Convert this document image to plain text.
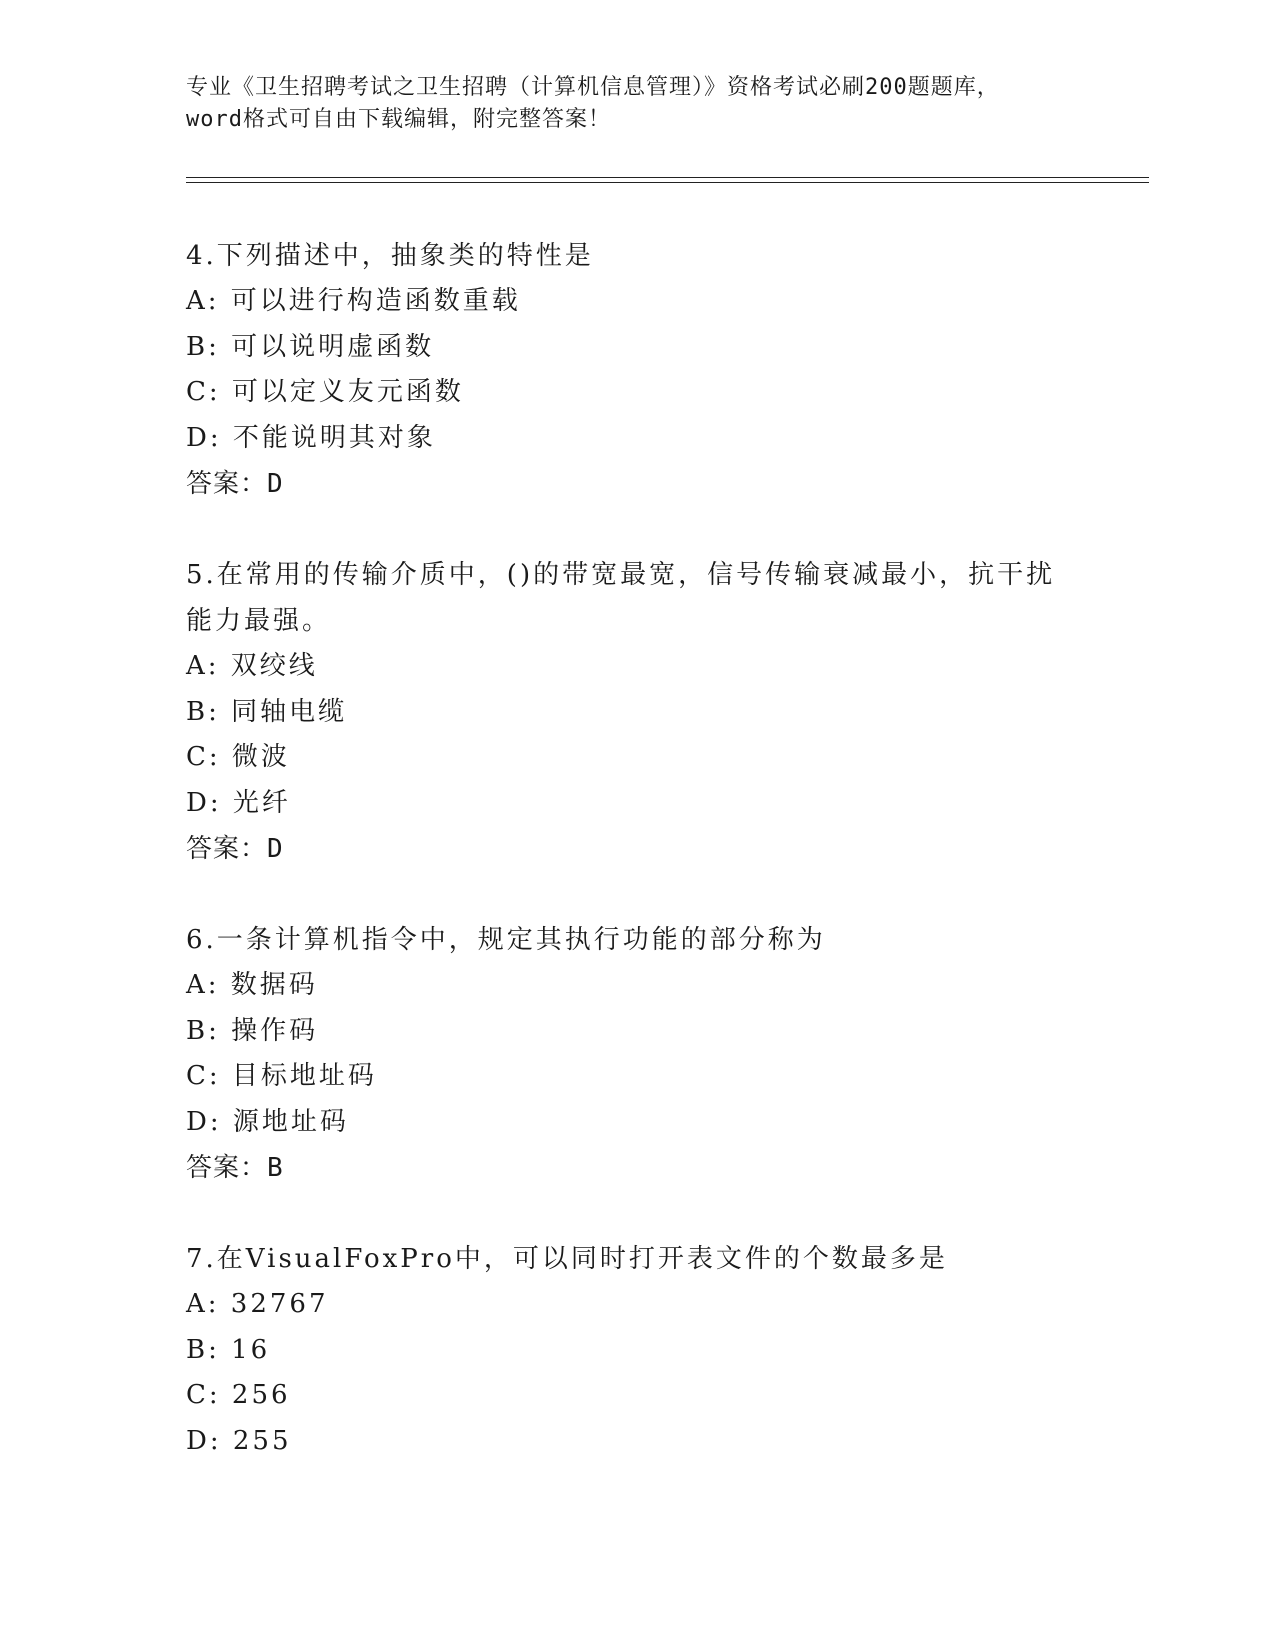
专业《卫生招聘考试之卫生招聘（计算机信息管理）》资格考试必刷200题题库，
word格式可自由下载编辑，附完整答案！
4.下列描述中，抽象类的特性是
A: 可以进行构造函数重载
B: 可以说明虚函数
C: 可以定义友元函数
D: 不能说明其对象
答案：D
5.在常用的传输介质中，()的带宽最宽，信号传输衰减最小，抗干扰
能力最强。
A: 双绞线
B: 同轴电缆
C: 微波
D: 光纤
答案：D
6.一条计算机指令中，规定其执行功能的部分称为
A: 数据码
B: 操作码
C: 目标地址码
D: 源地址码
答案：B
7.在VisualFoxPro中，可以同时打开表文件的个数最多是
A: 32767
B: 16
C: 256
D: 255
